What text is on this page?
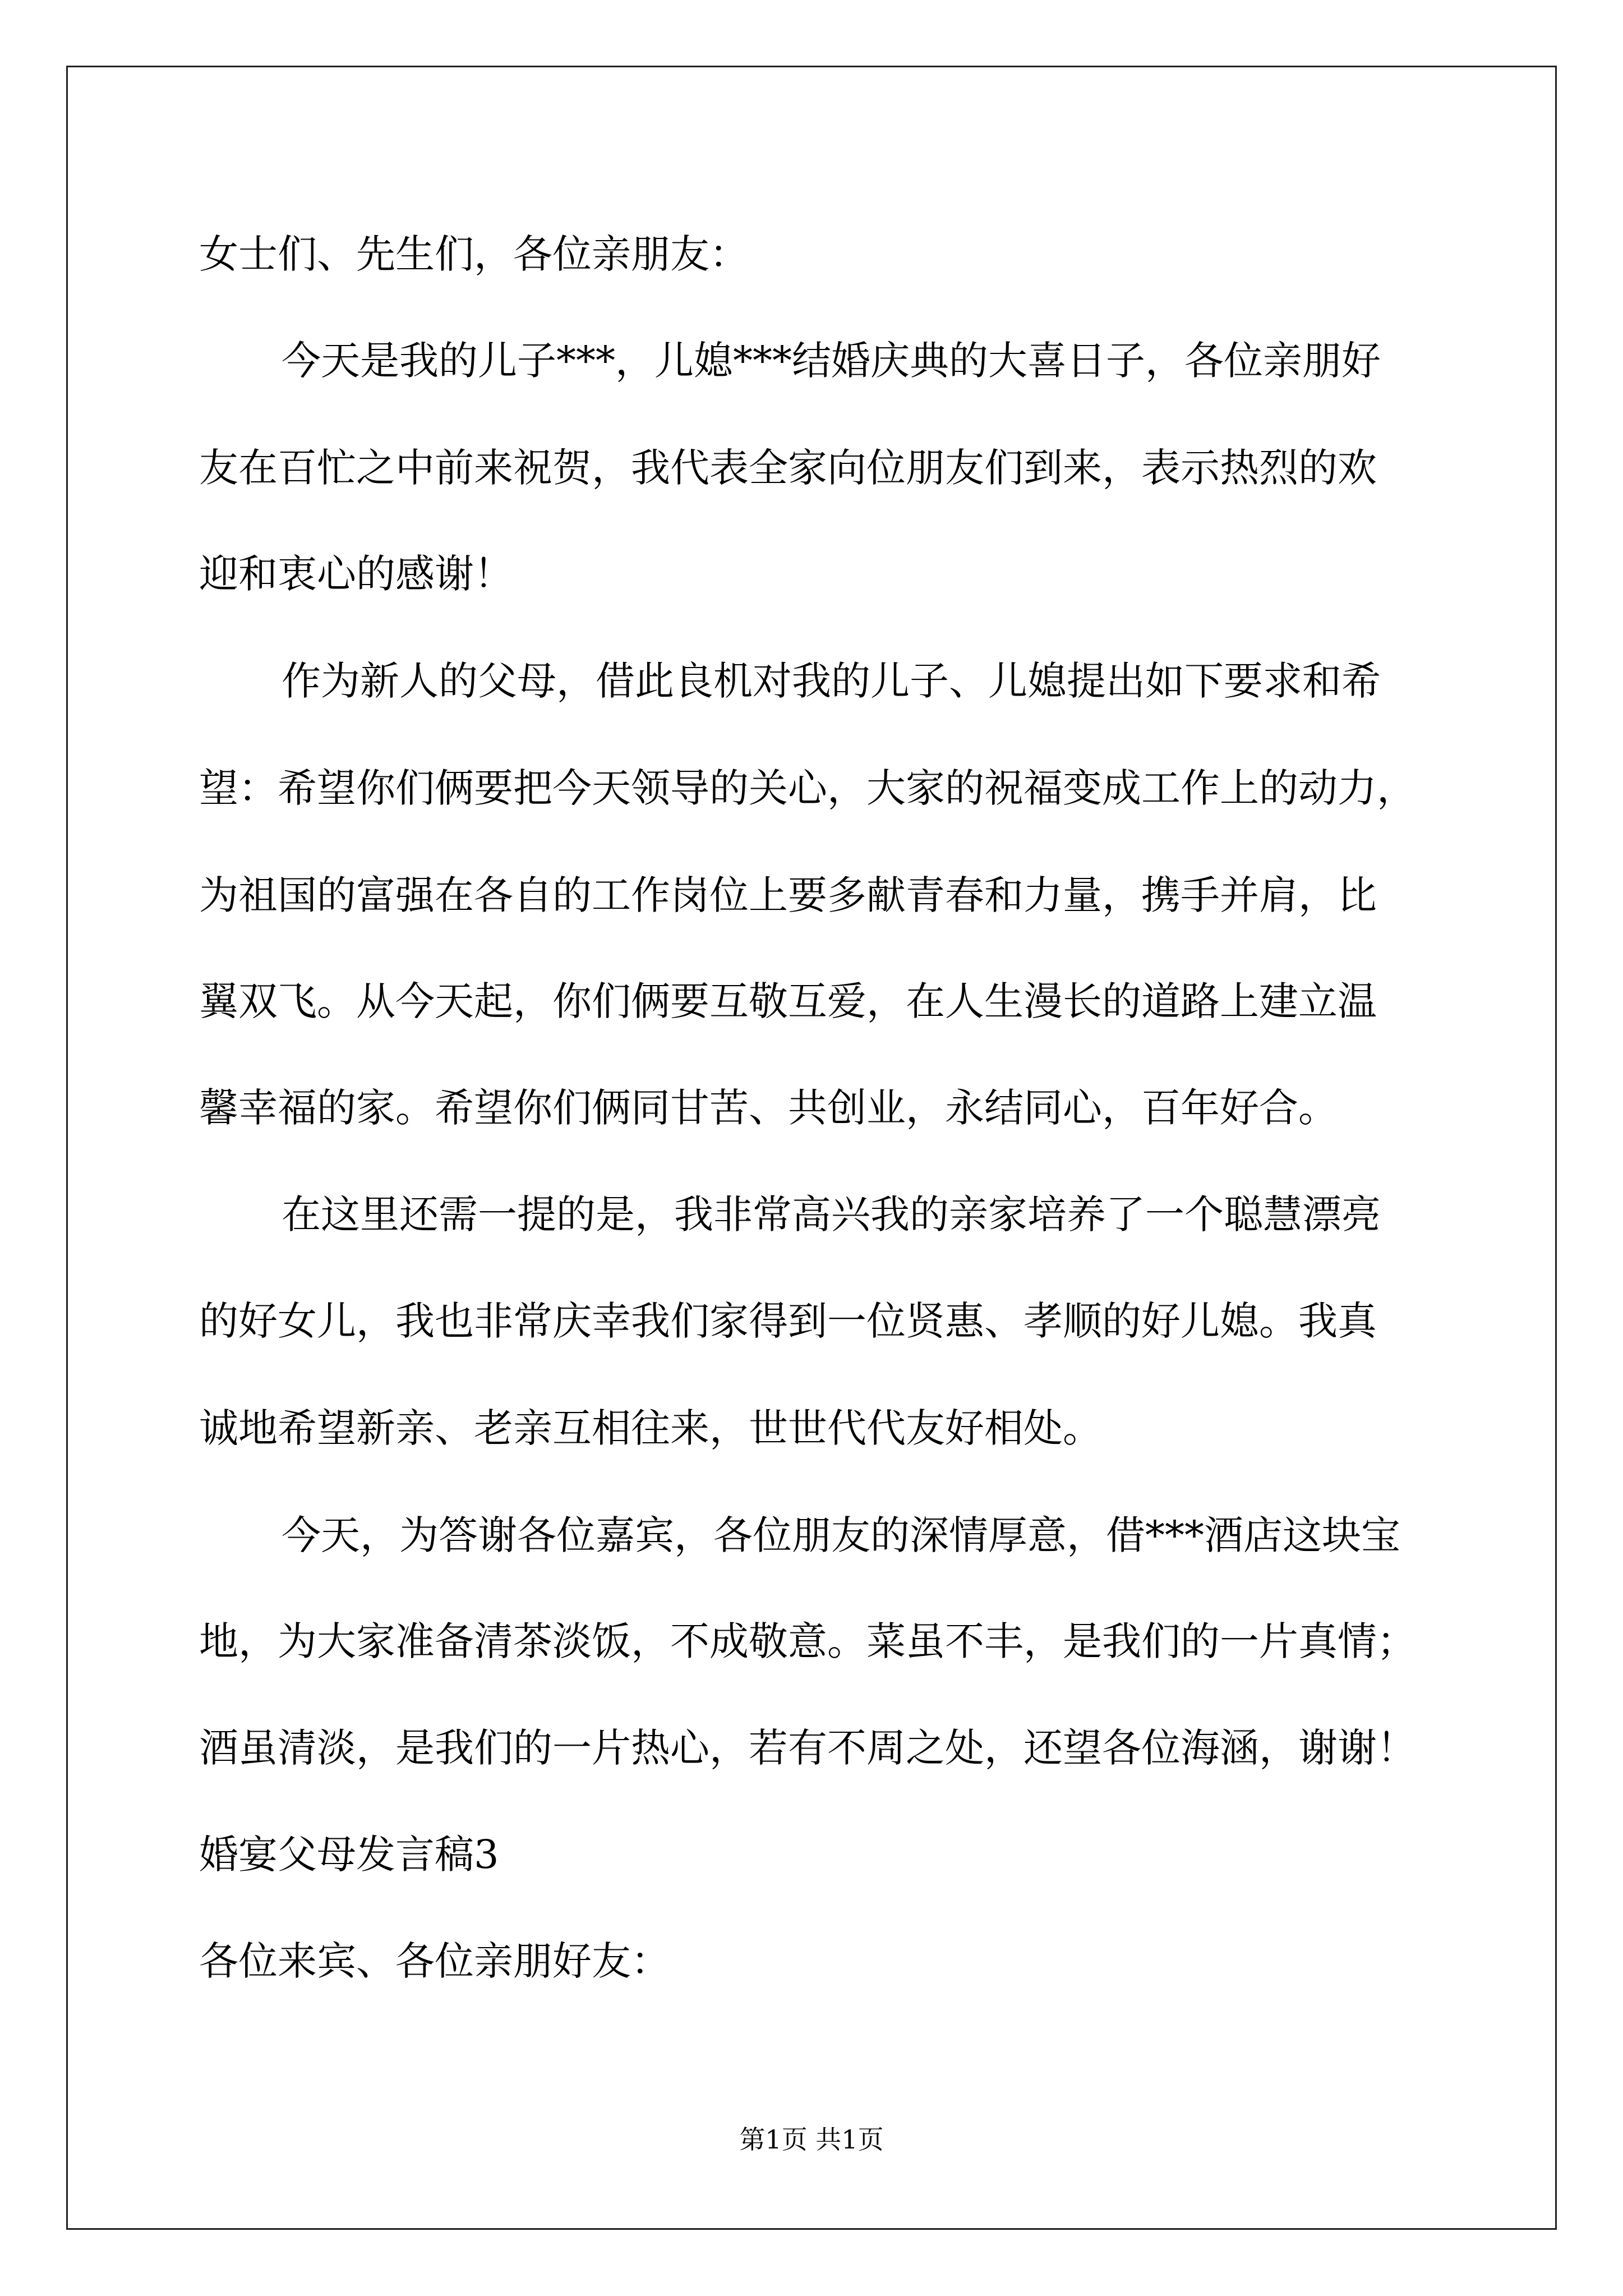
女士们、先生们，各位亲朋友：
今天是我的儿子***，儿媳***结婚庆典的大喜日子，各位亲朋好
友在百忙之中前来祝贺，我代表全家向位朋友们到来，表示热烈的欢
迎和衷心的感谢！
作为新人的父母，借此良机对我的儿子、儿媳提出如下要求和希
望：希望你们俩要把今天领导的关心，大家的祝福变成工作上的动力，
为祖国的富强在各自的工作岗位上要多献青春和力量，携手并肩，比
翼双飞。从今天起，你们俩要互敬互爱，在人生漫长的道路上建立温
馨幸福的家。希望你们俩同甘苦、共创业，永结同心，百年好合。
在这里还需一提的是，我非常高兴我的亲家培养了一个聪慧漂亮
的好女儿，我也非常庆幸我们家得到一位贤惠、孝顺的好儿媳。我真
诚地希望新亲、老亲互相往来，世世代代友好相处。
今天，为答谢各位嘉宾，各位朋友的深情厚意，借***酒店这块宝
地，为大家准备清茶淡饭，不成敬意。菜虽不丰，是我们的一片真情；
酒虽清淡，是我们的一片热心，若有不周之处，还望各位海涵，谢谢！
婚宴父母发言稿3
各位来宾、各位亲朋好友：
第1页 共1页
